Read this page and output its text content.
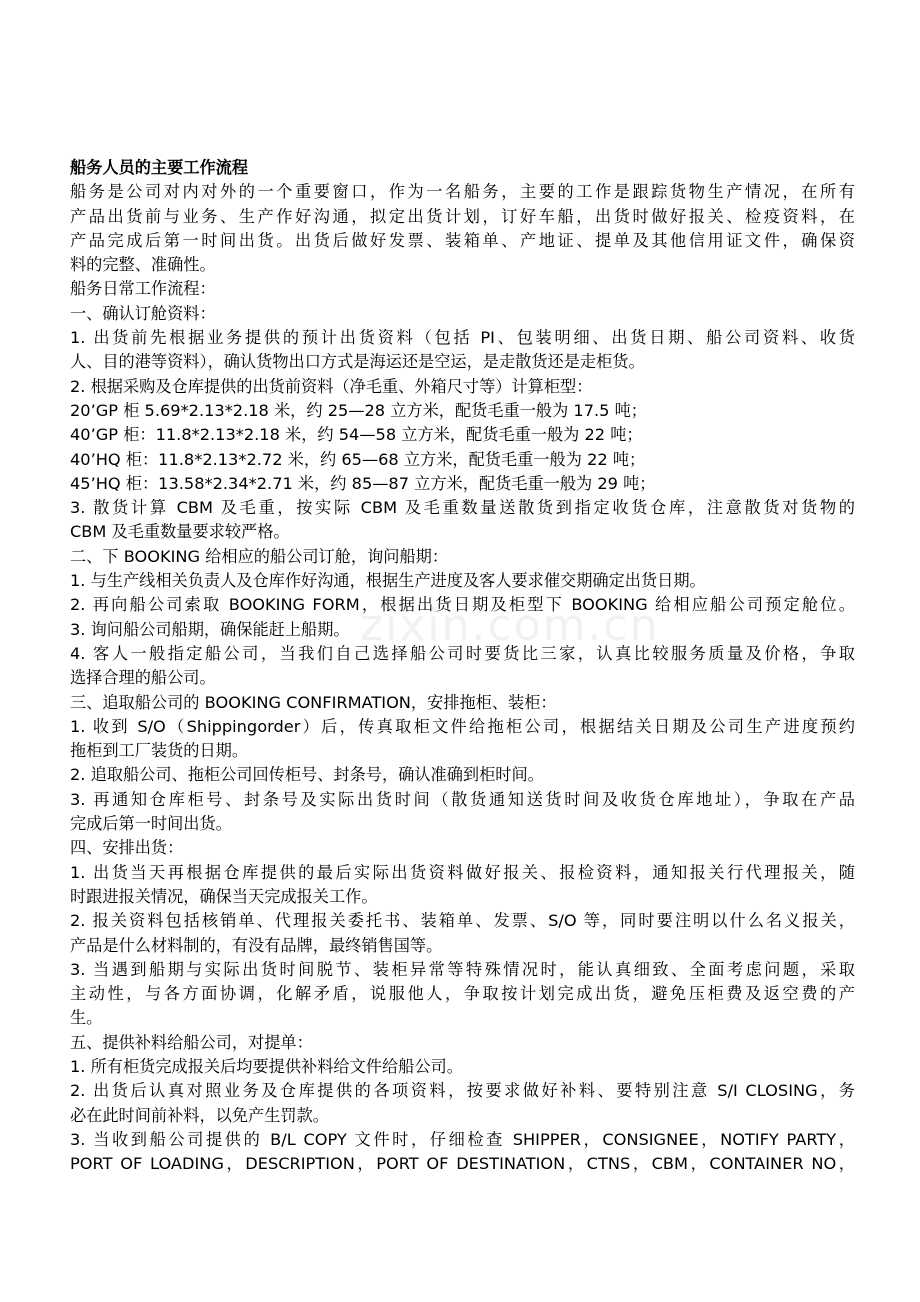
zixin.com.cn
船务人员的主要工作流程
船务是公司对内对外的一个重要窗口，作为一名船务，主要的工作是跟踪货物生产情况，在所有
产品出货前与业务、生产作好沟通，拟定出货计划，订好车船，出货时做好报关、检疫资料，在
产品完成后第一时间出货。出货后做好发票、装箱单、产地证、提单及其他信用证文件，确保资
料的完整、准确性。
船务日常工作流程：
一、确认订舱资料：
1. 出货前先根据业务提供的预计出货资料（包括 PI、包装明细、出货日期、船公司资料、收货
人、目的港等资料），确认货物出口方式是海运还是空运，是走散货还是走柜货。
2. 根据采购及仓库提供的出货前资料（净毛重、外箱尺寸等）计算柜型：
20’GP 柜 5.69*2.13*2.18 米，约 25—28 立方米，配货毛重一般为 17.5 吨；
40’GP 柜：11.8*2.13*2.18 米，约 54—58 立方米，配货毛重一般为 22 吨；
40’HQ 柜：11.8*2.13*2.72 米，约 65—68 立方米，配货毛重一般为 22 吨；
45’HQ 柜：13.58*2.34*2.71 米，约 85—87 立方米，配货毛重一般为 29 吨；
3. 散货计算 CBM 及毛重，按实际 CBM 及毛重数量送散货到指定收货仓库，注意散货对货物的
CBM 及毛重数量要求较严格。
二、下 BOOKING 给相应的船公司订舱，询问船期：
1. 与生产线相关负责人及仓库作好沟通，根据生产进度及客人要求催交期确定出货日期。
2. 再向船公司索取 BOOKING FORM，根据出货日期及柜型下 BOOKING 给相应船公司预定舱位。
3. 询问船公司船期，确保能赶上船期。
4. 客人一般指定船公司，当我们自己选择船公司时要货比三家，认真比较服务质量及价格，争取
选择合理的船公司。
三、追取船公司的 BOOKING CONFIRMATION，安排拖柜、装柜：
1. 收到 S/O（Shippingorder）后，传真取柜文件给拖柜公司，根据结关日期及公司生产进度预约
拖柜到工厂装货的日期。
2. 追取船公司、拖柜公司回传柜号、封条号，确认准确到柜时间。
3. 再通知仓库柜号、封条号及实际出货时间（散货通知送货时间及收货仓库地址），争取在产品
完成后第一时间出货。
四、安排出货：
1. 出货当天再根据仓库提供的最后实际出货资料做好报关、报检资料，通知报关行代理报关，随
时跟进报关情况，确保当天完成报关工作。
2. 报关资料包括核销单、代理报关委托书、装箱单、发票、S/O 等，同时要注明以什么名义报关，
产品是什么材料制的，有没有品牌，最终销售国等。
3. 当遇到船期与实际出货时间脱节、装柜异常等特殊情况时，能认真细致、全面考虑问题，采取
主动性，与各方面协调，化解矛盾，说服他人，争取按计划完成出货，避免压柜费及返空费的产
生。
五、提供补料给船公司，对提单：
1. 所有柜货完成报关后均要提供补料给文件给船公司。
2. 出货后认真对照业务及仓库提供的各项资料，按要求做好补料、要特别注意 S/I CLOSING，务
必在此时间前补料，以免产生罚款。
3. 当收到船公司提供的 B/L COPY 文件时，仔细检查 SHIPPER，CONSIGNEE，NOTIFY PARTY，
PORT OF LOADING，DESCRIPTION，PORT OF DESTINATION，CTNS，CBM，CONTAINER NO，
